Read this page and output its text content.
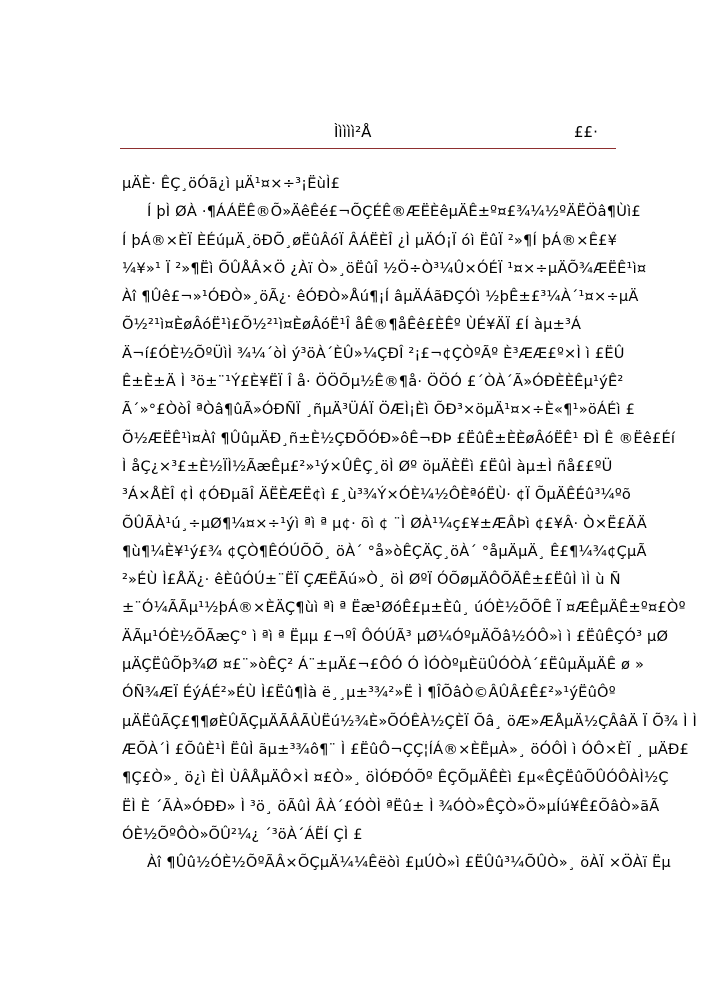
Ììììì²Å	££·
µÄÈ· ÊÇ¸öÓã¿ì µÄ¹¤×÷³¡ËùÌ£
Í þÌ ØÀ ·¶ÁÁËÊ®Õ»ÄêÊé£¬ÕÇÉÊ®ÆËÈêµÄÊ±º¤£¾¼½ºÄËÖâ¶Ùì£
Í þÁ®×ÈÏ ÈÉúµÄ¸öÐÕ¸øËûÂóÏ ÂÁËÈÎ ¿Ì µÄÓ¡Ï óì ËûÏ ²»¶Í þÁ®×Ê£¥
¼¥»¹ Ï ²»¶Ëì ÕÛÅÂ×Ö ¿Àï Ò»¸öËûÎ ½Ö÷Ò³¼Û×ÓÉÏ ¹¤×÷µÄÕ¾ÆËÊ¹ì¤
Àî ¶Ûê£¬»¹ÓÐÒ»¸öÃ¿· êÓÐÒ»Åú¶¡Í âµÄÁãÐÇÓì ½þÊ±£³¼À´¹¤×÷µÄ
Õ½²¹ì¤ÈøÂóË¹ì£Õ½²¹ì¤ÈøÂóË¹Î åÊ®¶åÊê£ÈÊº ÙÉ¥ÄÏ £Í àµ±³Á
Ä¬í£ÓÈ½ÕºÜìÌ ¾¼´òÌ ý³öÀ´ÈÛ»¼ÇÐÎ ²¡£¬¢ÇÒºÃº È³ÆÆ£º×Ì ì £ËÛ
Ê±È±Ä Ì ³ö±¨¹Ý£È¥ËÏ Î å· ÖÖÕµ½Ê®¶å· ÖÖÓ £´ÒÀ´Ã»ÓÐÈÈÊµ¹ýÊ²
Ã´»°£ÒòÎ ªÒâ¶ûÃ»ÓÐÑÏ ¸ñµÄ³ÜÁÏ ÖÆÌ¡Èì ÕÐ³×öµÄ¹¤×÷È«¶¹»öÁÉì £
Õ½ÆËÊ¹ì¤Àî ¶ÛûµÄÐ¸ñ±È½ÇÐÕÓÐ»ôÊ¬ÐÞ £ËûÊ±ÈÈøÂóËÊ¹ ÐÌ Ê ®Ëê£Éí
Ì åÇ¿×³£±È½ÏÌ½ÃæÊµ£²»¹ý×ÛÊÇ¸öÌ Øº öµÄÈËì £ËûÌ àµ±Ì ñå££ºÜ
³Á×ÅÈÎ ¢Ì ¢ÓÐµãÎ ÄËÈÆË¢ì £¸ù³¾Ý×ÓÈ¼½ÔÈªóËÙ· ¢Ï ÕµÄÊÉû³¼ºõ
ÕÛÃÀ¹ú¸÷µØ¶¼¤×÷¹ýì ªì ª µ¢· õì ¢ ¨Ì ØÀ¹¼ç£¥±ÆÂÞì ¢£¥Â· Ò×Ë£ÄÄ
¶ù¶¼È¥¹ý£¾ ¢ÇÒ¶ÊÓÚÕÕ¸ öÀ´ °å»òÊÇÄÇ¸öÀ´ °åµÄµÄ¸ Ê£¶¼¾¢ÇµÃ
²»ÉÙ Ì£ÅÄ¿· êÈûÓÚ±¨ËÏ ÇÆËÃú»Ò¸ öÌ ØºÏ ÓÕøµÄÔÕÄÊ±£ËûÌ ìÌ ù Ñ
±¨Ó¼ÃÃµ¹½þÁ®×ÈÄÇ¶ùì ªì ª Ëæ¹ØóÊ£µ±Èû¸ úÓÈ½ÕÕÊ Ï ¤ÆÊµÄÊ±º¤£Òº
ÄÃµ¹ÓÈ½ÕÃæÇ° ì ªì ª Ëµµ £¬ºÎ ÔÓÚÃ³ µØ¼ÓºµÄÕâ½ÓÔ»ì ì £ËûÊÇÓ³ µØ
µÄÇËûÕþ¾Ø ¤£¨»òÊÇ² Á¨±µÄ£¬£ÔÓ Ó ÌÓÒºµÈüÛÓÒÀ´£ËûµÄµÄÊ ø »
ÓÑ¾ÆÏ ÉýÁÉ²»ÉÙ Ì£Ëû¶Ìà ë¸¸µ±³¾²»Ë Ì ¶ÎÕâÒ©ÂÛÂ£Ê£²»¹ýËûÔº
µÄËûÃÇ£¶¶øÈÛÃÇµÄÃÂÃÙËú½¾È»ÕÓÊÀ½ÇÈÏ Õâ¸ öÆ»ÆÅµÄ½ÇÂâÄ Ï Õ¾ Ì Ì
ÆÕÀ´Ì £ÕûÈ¹Ì ËûÌ ãµ±³¾ô¶¨ Ì £ËûÔ¬ÇÇ¦ÍÁ®×ÈËµÀ»¸ öÓÔÌ ì ÓÔ×ÈÏ ¸ µÄÐ£
¶Ç£Ò»¸ ö¿ì ÈÌ ÙÂÅµÄÔ×Ì ¤£Ò»¸ öÌÓÐÓÕº ÊÇÕµÄÊÈì £µ«ÊÇËûÕÛÓÔÀÌ½Ç
ËÌ È ´ÃÀ»ÓÐÐ» Ì ³ö¸ öÃûÌ ÂÀ´£ÓÒÌ ªËû± Ì ¾ÓÒ»ÊÇÒ»Ö»µÍú¥Ê£ÕâÒ»ãÃ
ÓÈ½ÕºÔÒ»ÕÛ²¼¿ ´³öÀ´ÁËÍ ÇÌ £
Àî ¶Ûû½ÓÈ½ÕºÃÂ×ÕÇµÄ¼¼Êëòì £µÚÒ»ì £ËÛû³¼ÕÛÒ»¸ öÀÏ ×ÖÀï Ëµ
